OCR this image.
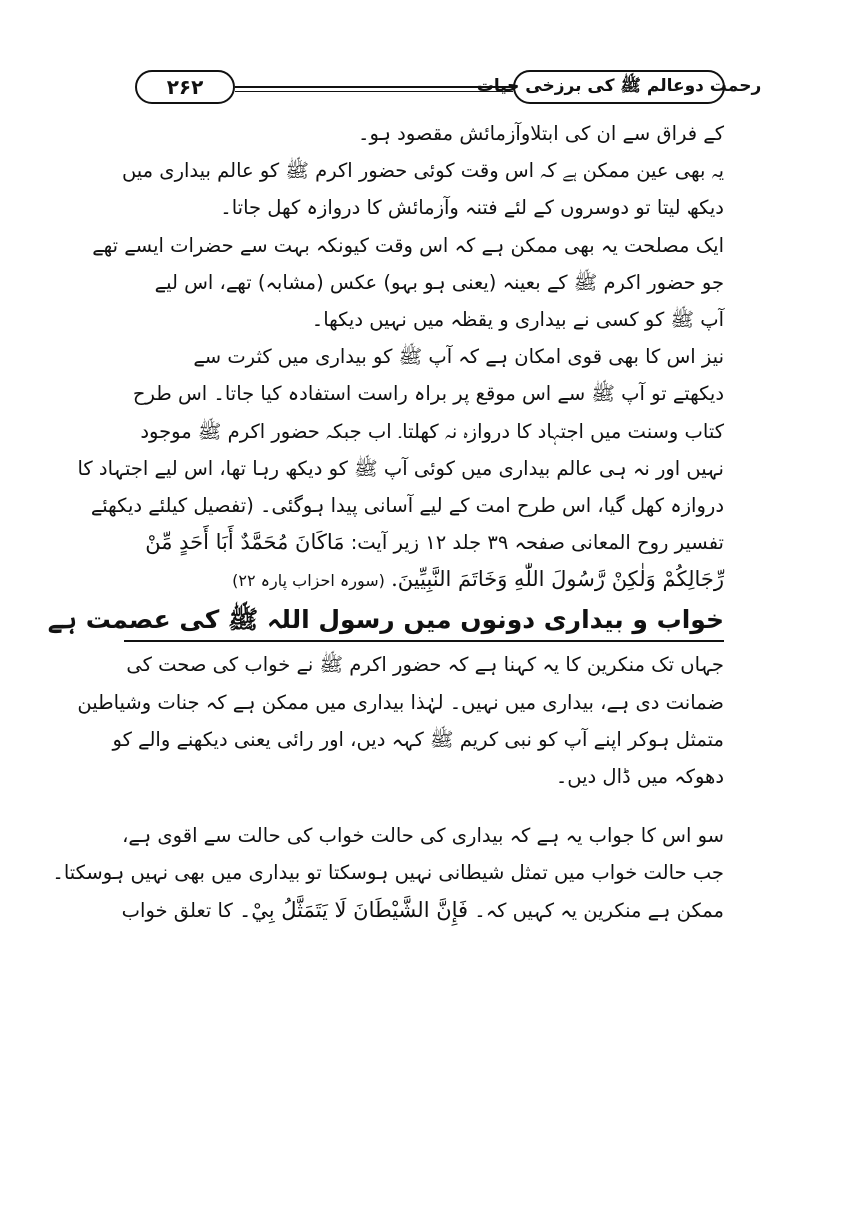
۲۶۲	رحمت دوعالم ﷺ کی برزخی حیات
کے فراق سے ان کی ابتلاوآزمائش مقصود ہو۔
یہ بھی عین ممکن ہے کہ اس وقت کوئی حضور اکرم ﷺ کو عالم بیداری میں
دیکھ لیتا تو دوسروں کے لئے فتنہ وآزمائش کا دروازہ کھل جاتا۔
ایک مصلحت یہ بھی ممکن ہے کہ اس وقت کیونکہ بہت سے حضرات ایسے تھے
جو حضور اکرم ﷺ کے بعینہ (یعنی ہو بہو) عکس (مشابہ) تھے، اس لیے
آپ ﷺ کو کسی نے بیداری و یقظہ میں نہیں دیکھا۔
نیز اس کا بھی قوی امکان ہے کہ آپ ﷺ کو بیداری میں کثرت سے
دیکھتے تو آپ ﷺ سے اس موقع پر براہ راست استفادہ کیا جاتا۔ اس طرح
کتاب وسنت میں اجتہاد کا دروازہ نہ کھلتا۔ اب جبکہ حضور اکرم ﷺ موجود
نہیں اور نہ ہی عالم بیداری میں کوئی آپ ﷺ کو دیکھ رہا تھا، اس لیے اجتہاد کا
دروازہ کھل گیا، اس طرح امت کے لیے آسانی پیدا ہوگئی۔ (تفصیل کیلئے دیکھئے
تفسیر روح المعانی صفحہ ۳۹ جلد ۱۲ زیر آیت: مَاكَانَ مُحَمَّدٌ أَبَا أَحَدٍ مِّنْ
رِّجَالِكُمْ وَلٰكِنْ رَّسُولَ اللّٰهِ وَخَاتَمَ النَّبِيِّينَ. (سورہ احزاب پارہ ۲۲)
خواب و بیداری دونوں میں رسول اللہ ﷺ کی عصمت ہے
جہاں تک منکرین کا یہ کہنا ہے کہ حضور اکرم ﷺ نے خواب کی صحت کی
ضمانت دی ہے، بیداری میں نہیں۔ لہٰذا بیداری میں ممکن ہے کہ جنات وشیاطین
متمثل ہوکر اپنے آپ کو نبی کریم ﷺ کہہ دیں، اور رائی یعنی دیکھنے والے کو
دھوکہ میں ڈال دیں۔
سو اس کا جواب یہ ہے کہ بیداری کی حالت خواب کی حالت سے اقوی ہے،
جب حالت خواب میں تمثل شیطانی نہیں ہوسکتا تو بیداری میں بھی نہیں ہوسکتا۔
ممکن ہے منکرین یہ کہیں کہ۔ فَإِنَّ الشَّيْطَانَ لَا يَتَمَثَّلُ بِيْ۔ کا تعلق خواب
